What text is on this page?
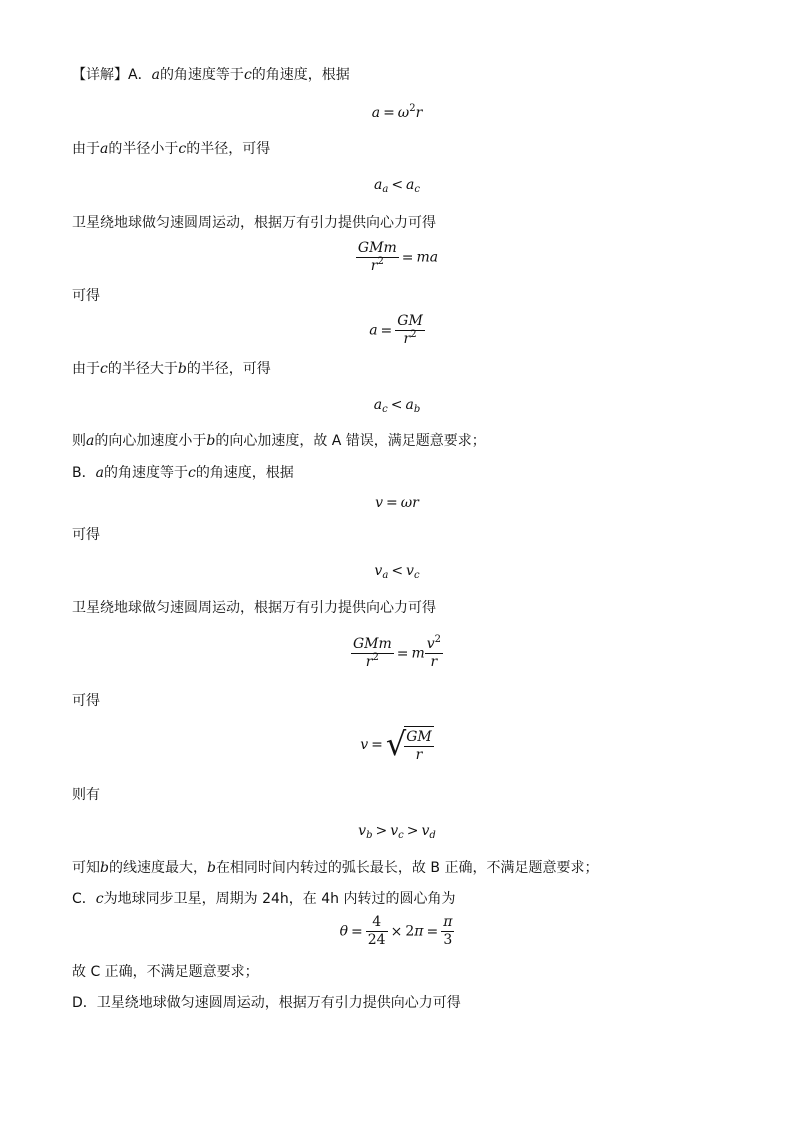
【详解】A．a的角速度等于c的角速度，根据
$a = \omega^2r$
由于a的半径小于c的半径，可得
$a_a < a_c$
卫星绕地球做匀速圆周运动，根据万有引力提供向心力可得
$\frac{\text{GMm}}{r^2}$ = ma
可得
$a = \frac{GM}{r^2}$
由于c的半径大于b的半径，可得
$a_c < a_b$
则a的向心加速度小于b的向心加速度，故 A 错误，满足题意要求；
B．a的角速度等于c的角速度，根据
v = ωr
可得
$v_a < v_c$
卫星绕地球做匀速圆周运动，根据万有引力提供向心力可得
$\frac{\text{GMm}}{r^2} = m \frac{v^2}{r}$
可得
v = √
$\frac{GM}{r}$
则有
$v_b > v_c > v_d$
可知b的线速度最大，b在相同时间内转过的弧长最长，故 B 正确，不满足题意要求；
C．c为地球同步卫星，周期为 24h，在 4h 内转过的圆心角为
$\theta = \frac{4}{24} \times 2\pi = \frac{\pi}{3}$
故 C 正确，不满足题意要求；
D．卫星绕地球做匀速圆周运动，根据万有引力提供向心力可得
